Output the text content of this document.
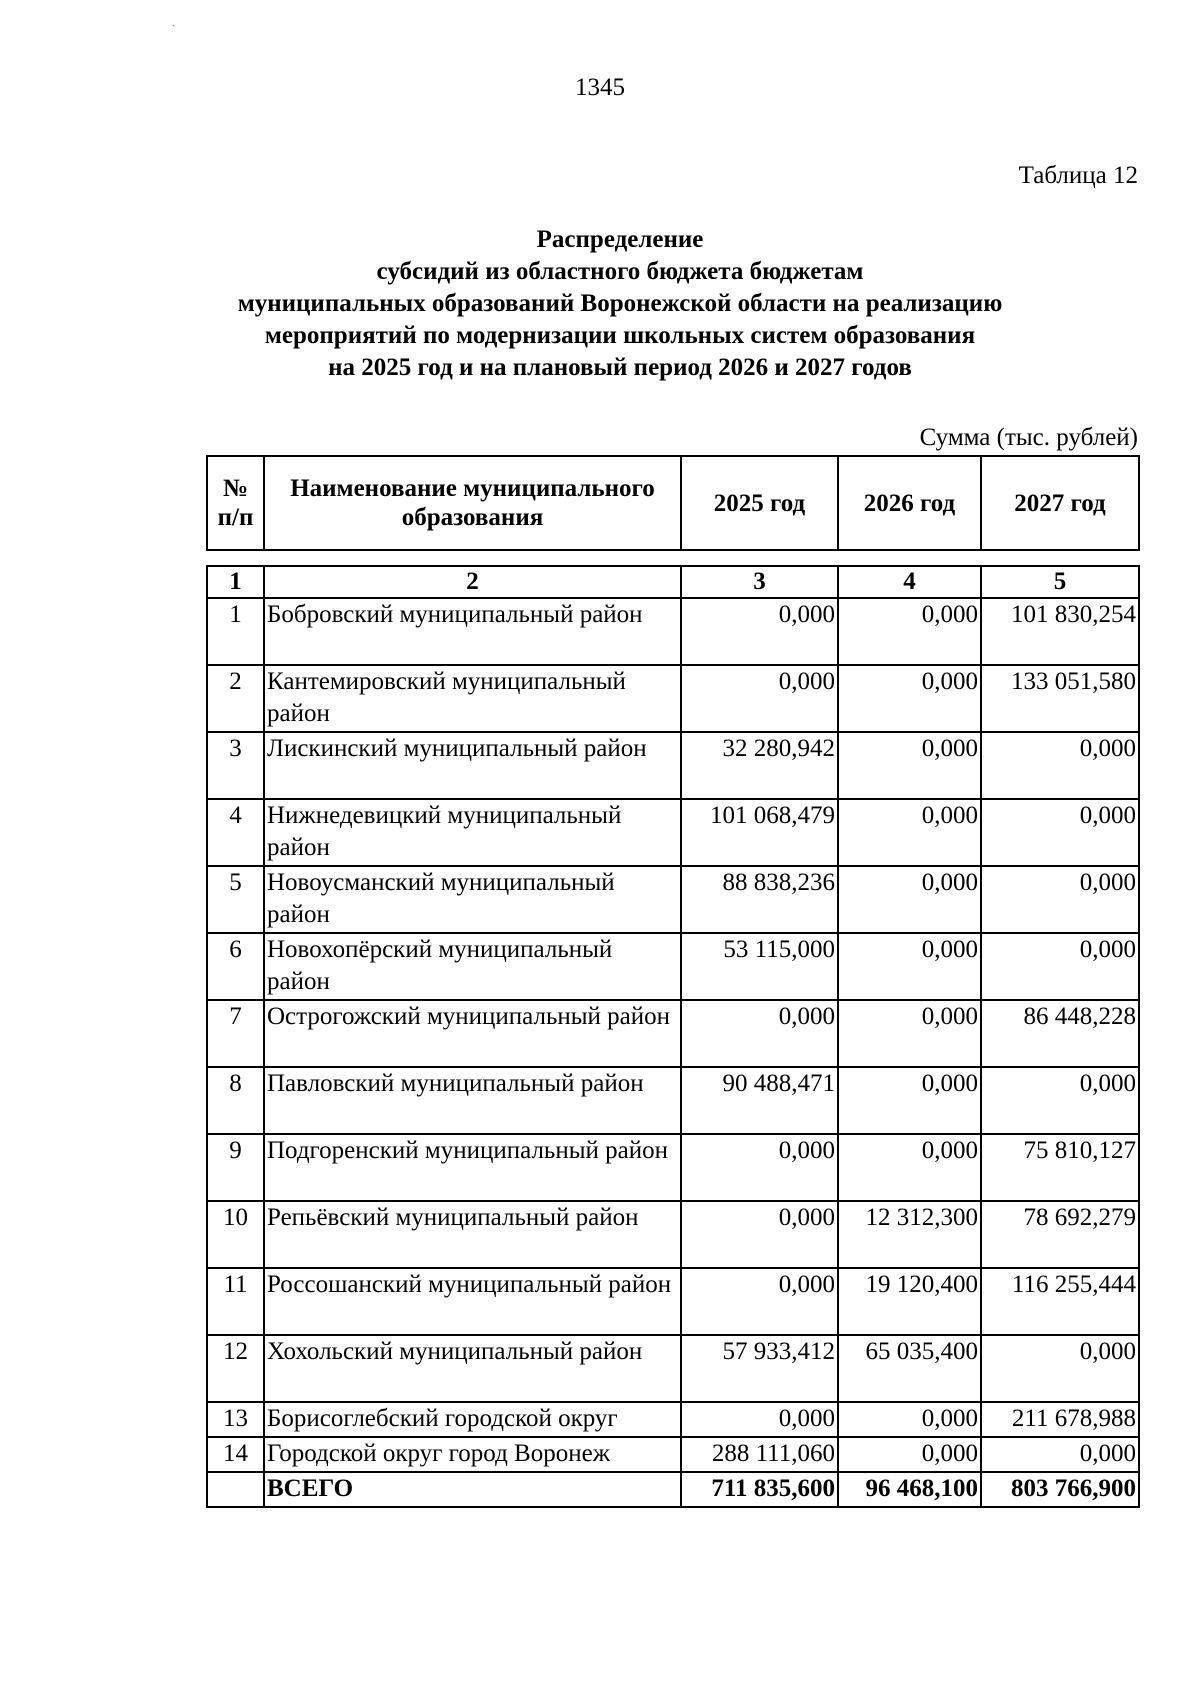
ˎ
1345
Таблица 12
Распределение
субсидий из областного бюджета бюджетам
муниципальных образований Воронежской области на реализацию
мероприятий по модернизации школьных систем образования
на 2025 год и на плановый период 2026 и 2027 годов
Сумма (тыс. рублей)
№ п/п	Наименование муниципального образования	2025 год	2026 год	2027 год
1	2	3	4	5
1	Бобровский муниципальный район	0,000	0,000	101 830,254
2	Кантемировский муниципальный район	0,000	0,000	133 051,580
3	Лискинский муниципальный район	32 280,942	0,000	0,000
4	Нижнедевицкий муниципальный район	101 068,479	0,000	0,000
5	Новоусманский муниципальный район	88 838,236	0,000	0,000
6	Новохопёрский муниципальный район	53 115,000	0,000	0,000
7	Острогожский муниципальный район	0,000	0,000	86 448,228
8	Павловский муниципальный район	90 488,471	0,000	0,000
9	Подгоренский муниципальный район	0,000	0,000	75 810,127
10	Репьёвский муниципальный район	0,000	12 312,300	78 692,279
11	Россошанский муниципальный район	0,000	19 120,400	116 255,444
12	Хохольский муниципальный район	57 933,412	65 035,400	0,000
13	Борисоглебский городской округ	0,000	0,000	211 678,988
14	Городской округ город Воронеж	288 111,060	0,000	0,000
	ВСЕГО	711 835,600	96 468,100	803 766,900
